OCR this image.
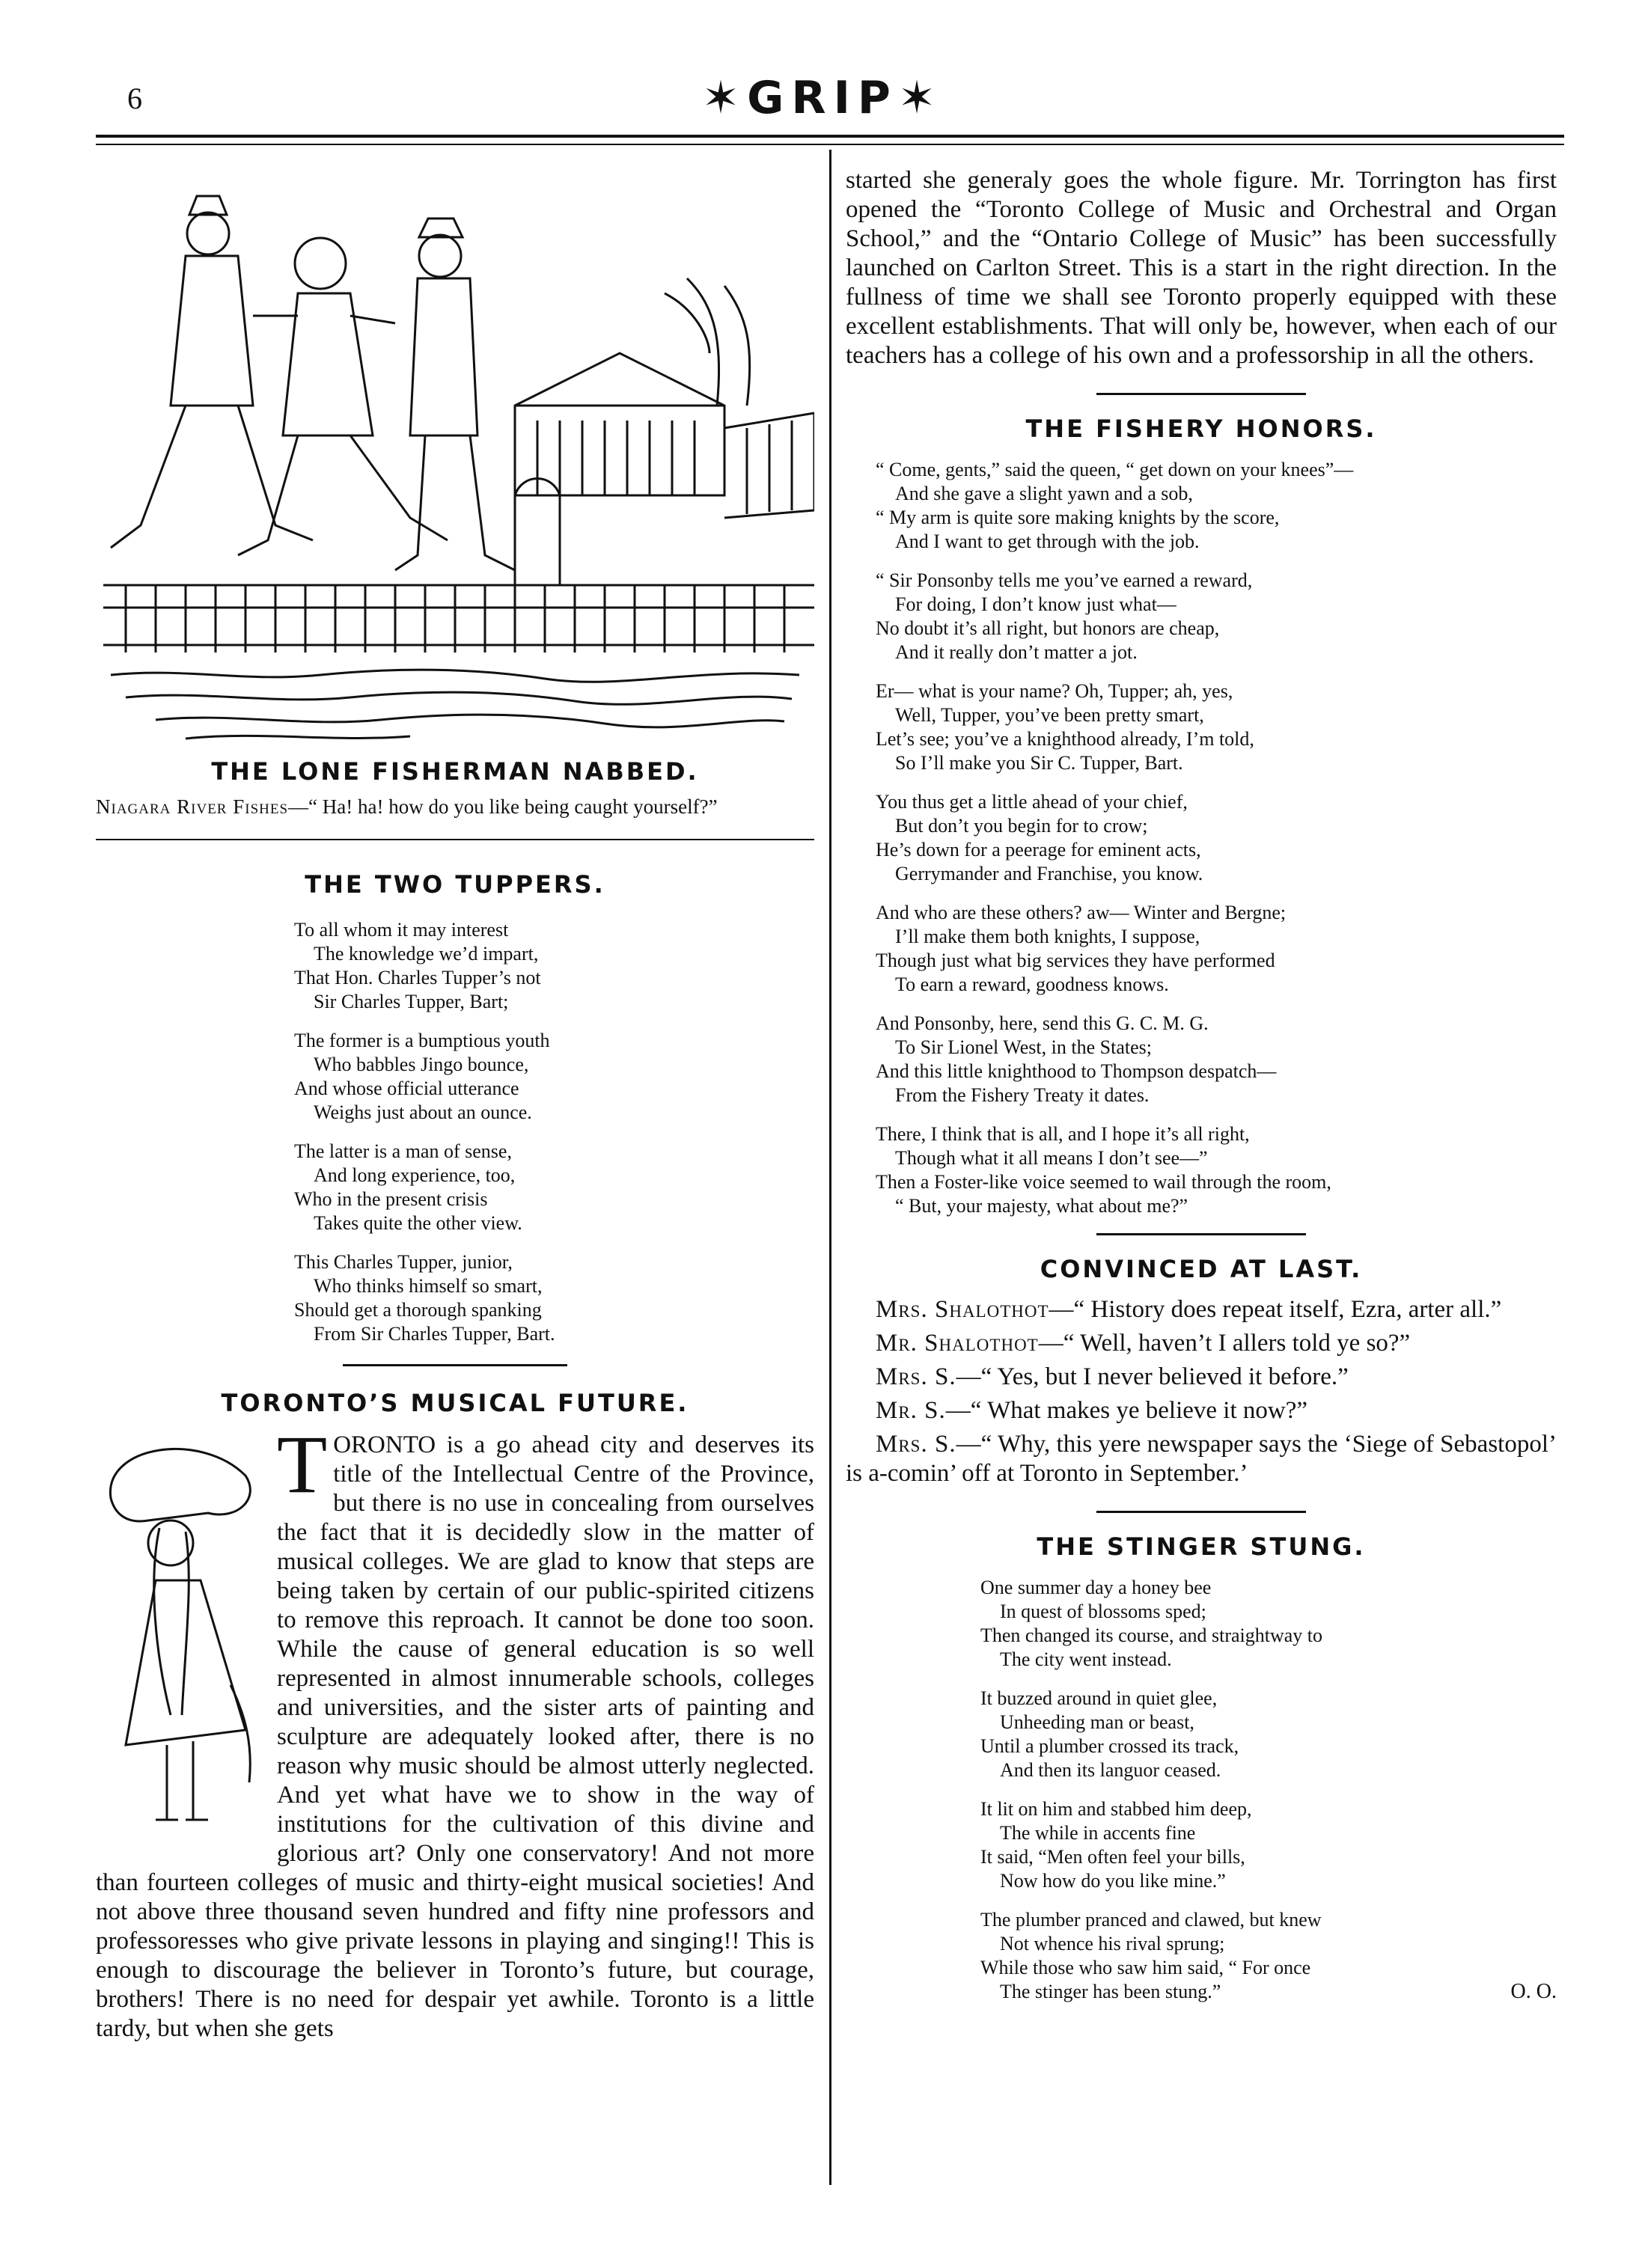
6	✶GRIP✶

THE LONE FISHERMAN NABBED.

Niagara River Fishes—“ Ha! ha! how do you like being caught yourself?”

THE TWO TUPPERS.

To all whom it may interest
The knowledge we’d impart,
That Hon. Charles Tupper’s not
Sir Charles Tupper, Bart;
The former is a bumptious youth
Who babbles Jingo bounce,
And whose official utterance
Weighs just about an ounce.
The latter is a man of sense,
And long experience, too,
Who in the present crisis
Takes quite the other view.
This Charles Tupper, junior,
Who thinks himself so smart,
Should get a thorough spanking
From Sir Charles Tupper, Bart.

TORONTO’S MUSICAL FUTURE.

TORONTO is a go ahead city and deserves its title of the Intellectual Centre of the Province, but there is no use in concealing from ourselves the fact that it is decidedly slow in the matter of musical colleges. We are glad to know that steps are being taken by certain of our public-spirited citizens to remove this reproach. It cannot be done too soon. While the cause of general education is so well represented in almost innumerable schools, colleges and universities, and the sister arts of painting and sculpture are adequately looked after, there is no reason why music should be almost utterly neglected. And yet what have we to show in the way of institutions for the cultivation of this divine and glorious art? Only one conservatory! And not more than fourteen colleges of music and thirty-eight musical societies! And not above three thousand seven hundred and fifty nine professors and professoresses who give private lessons in playing and singing!! This is enough to discourage the believer in Toronto’s future, but courage, brothers! There is no need for despair yet awhile. Toronto is a little tardy, but when she gets

started she generaly goes the whole figure. Mr. Torrington has first opened the “Toronto College of Music and Orchestral and Organ School,” and the “Ontario College of Music” has been successfully launched on Carlton Street. This is a start in the right direction. In the fullness of time we shall see Toronto properly equipped with these excellent establishments. That will only be, however, when each of our teachers has a college of his own and a professorship in all the others.

THE FISHERY HONORS.

“ Come, gents,” said the queen, “ get down on your knees”—
And she gave a slight yawn and a sob,
“ My arm is quite sore making knights by the score,
And I want to get through with the job.
“ Sir Ponsonby tells me you’ve earned a reward,
For doing, I don’t know just what—
No doubt it’s all right, but honors are cheap,
And it really don’t matter a jot.
Er— what is your name? Oh, Tupper; ah, yes,
Well, Tupper, you’ve been pretty smart,
Let’s see; you’ve a knighthood already, I’m told,
So I’ll make you Sir C. Tupper, Bart.
You thus get a little ahead of your chief,
But don’t you begin for to crow;
He’s down for a peerage for eminent acts,
Gerrymander and Franchise, you know.
And who are these others? aw— Winter and Bergne;
I’ll make them both knights, I suppose,
Though just what big services they have performed
To earn a reward, goodness knows.
And Ponsonby, here, send this G. C. M. G.
To Sir Lionel West, in the States;
And this little knighthood to Thompson despatch—
From the Fishery Treaty it dates.
There, I think that is all, and I hope it’s all right,
Though what it all means I don’t see—”
Then a Foster-like voice seemed to wail through the room,
“ But, your majesty, what about me?”

CONVINCED AT LAST.

Mrs. Shalothot—“ History does repeat itself, Ezra, arter all.”

Mr. Shalothot—“ Well, haven’t I allers told ye so?”

Mrs. S.—“ Yes, but I never believed it before.”

Mr. S.—“ What makes ye believe it now?”

Mrs. S.—“ Why, this yere newspaper says the ‘Siege of Sebastopol’ is a-comin’ off at Toronto in September.’

THE STINGER STUNG.

One summer day a honey bee
In quest of blossoms sped;
Then changed its course, and straightway to
The city went instead.
It buzzed around in quiet glee,
Unheeding man or beast,
Until a plumber crossed its track,
And then its languor ceased.
It lit on him and stabbed him deep,
The while in accents fine
It said, “Men often feel your bills,
Now how do you like mine.”
The plumber pranced and clawed, but knew
Not whence his rival sprung;
While those who saw him said, “ For once
The stinger has been stung.”	O. O.
